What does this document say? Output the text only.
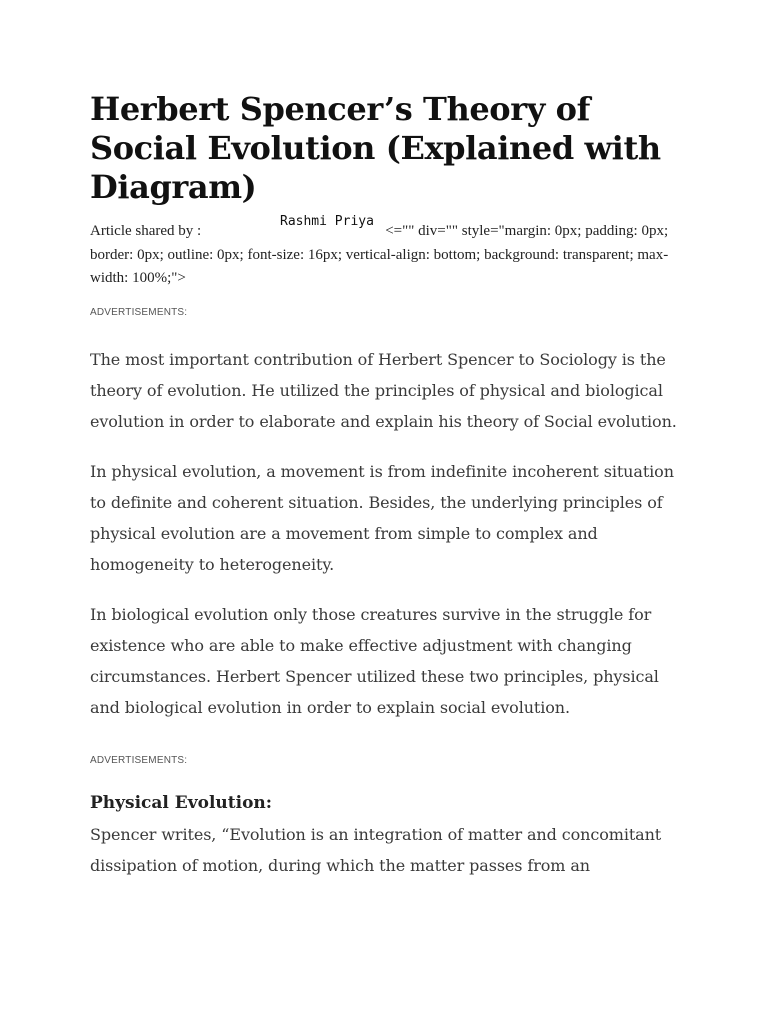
Herbert Spencer’s Theory of Social Evolution (Explained with Diagram)
Article shared by :	<="" div="" style="margin: 0px; padding: 0px; border: 0px; outline: 0px; font-size: 16px; vertical-align: bottom; background: transparent; max-width: 100%;">
Rashmi Priya
ADVERTISEMENTS:

The most important contribution of Herbert Spencer to Sociology is the theory of evolution. He utilized the principles of physical and biological evolution in order to elaborate and explain his theory of Social evolution.

In physical evolution, a movement is from indefinite incoherent situation to definite and coherent situation. Besides, the underlying principles of physical evolution are a movement from simple to complex and homogeneity to heterogeneity.

In biological evolution only those creatures survive in the struggle for existence who are able to make effective adjustment with changing circumstances. Herbert Spencer utilized these two principles, physical and biological evolution in order to explain social evolution.

ADVERTISEMENTS:
Physical Evolution:

Spencer writes, “Evolution is an integration of matter and concomitant dissipation of motion, during which the matter passes from an
